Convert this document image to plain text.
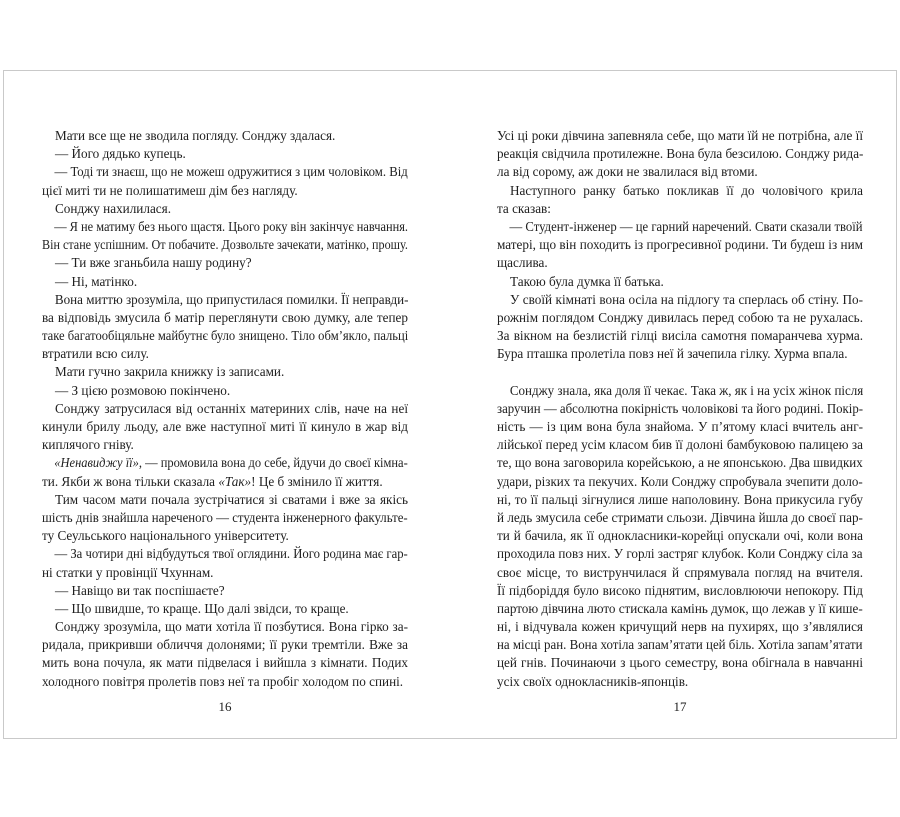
Мати все ще не зводила погляду. Сонджу здалася.
— Його дядько купець.
— Тоді ти знаєш, що не можеш одружитися з цим чоловіком. Від
цієї миті ти не полишатимеш дім без нагляду.
Сонджу нахилилася.
— Я не матиму без нього щастя. Цього року він закінчує навчання.
Він стане успішним. От побачите. Дозвольте зачекати, матінко, прошу.
— Ти вже зганьбила нашу родину?
— Ні, матінко.
Вона миттю зрозуміла, що припустилася помилки. Її неправди-
ва відповідь змусила б матір переглянути свою думку, але тепер
таке багатообіцяльне майбутнє було знищено. Тіло обм’якло, пальці
втратили всю силу.
Мати гучно закрила книжку із записами.
— З цією розмовою покінчено.
Сонджу затрусилася від останніх материних слів, наче на неї
кинули брилу льоду, але вже наступної миті її кинуло в жар від
киплячого гніву.
«Ненавиджу її», — промовила вона до себе, йдучи до своєї кімна-
ти. Якби ж вона тільки сказала «Так»! Це б змінило її життя.
Тим часом мати почала зустрічатися зі сватами і вже за якісь
шість днів знайшла нареченого — студента інженерного факульте-
ту Сеульського національного університету.
— За чотири дні відбудуться твої оглядини. Його родина має гар-
ні статки у провінції Чхуннам.
— Навіщо ви так поспішаєте?
— Що швидше, то краще. Що далі звідси, то краще.
Сонджу зрозуміла, що мати хотіла її позбутися. Вона гірко за-
ридала, прикривши обличчя долонями; її руки тремтіли. Вже за
мить вона почула, як мати підвелася і вийшла з кімнати. Подих
холодного повітря пролетів повз неї та пробіг холодом по спині.
Усі ці роки дівчина запевняла себе, що мати їй не потрібна, але її
реакція свідчила протилежне. Вона була безсилою. Сонджу рида-
ла від сорому, аж доки не звалилася від втоми.
Наступного ранку батько покликав її до чоловічого крила
та сказав:
— Студент-інженер — це гарний наречений. Свати сказали твоїй
матері, що він походить із прогресивної родини. Ти будеш із ним
щаслива.
Такою була думка її батька.
У своїй кімнаті вона осіла на підлогу та сперлась об стіну. По-
рожнім поглядом Сонджу дивилась перед собою та не рухалась.
За вікном на безлистій гілці висіла самотня помаранчева хурма.
Бура пташка пролетіла повз неї й зачепила гілку. Хурма впала.
Сонджу знала, яка доля її чекає. Така ж, як і на усіх жінок після
заручин — абсолютна покірність чоловікові та його родині. Покір-
ність — із цим вона була знайома. У п’ятому класі вчитель анг-
лійської перед усім класом бив її долоні бамбуковою палицею за
те, що вона заговорила корейською, а не японською. Два швидких
удари, різких та пекучих. Коли Сонджу спробувала зчепити доло-
ні, то її пальці зігнулися лише наполовину. Вона прикусила губу
й ледь змусила себе стримати сльози. Дівчина йшла до своєї пар-
ти й бачила, як її однокласники-корейці опускали очі, коли вона
проходила повз них. У горлі застряг клубок. Коли Сонджу сіла за
своє місце, то виструнчилася й спрямувала погляд на вчителя.
Її підборіддя було високо піднятим, висловлюючи непокору. Під
партою дівчина люто стискала камінь думок, що лежав у її кише-
ні, і відчувала кожен кричущий нерв на пухирях, що з’являлися
на місці ран. Вона хотіла запам’ятати цей біль. Хотіла запам’ятати
цей гнів. Починаючи з цього семестру, вона обігнала в навчанні
усіх своїх однокласників-японців.
16	17
